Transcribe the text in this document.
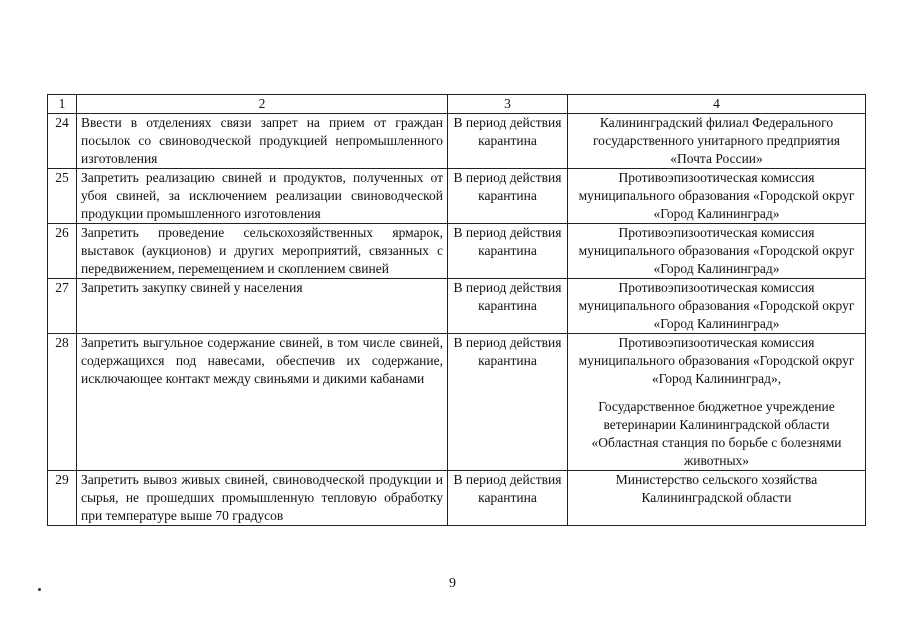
1	2	3	4
24	Ввести в отделениях связи запрет на прием от граждан посылок со свиноводческой продукцией непромышленного изготовления	В период действия карантина	Калининградский филиал Федерального государственного унитарного предприятия «Почта России»

25	Запретить реализацию свиней и продуктов, полученных от убоя свиней, за исключением реализации свиноводческой продукции промышленного изготовления	В период действия карантина	Противоэпизоотическая комиссия муниципального образования «Городской округ «Город Калининград»

26	Запретить проведение сельскохозяйственных ярмарок, выставок (аукционов) и других мероприятий, связанных с передвижением, перемещением и скоплением свиней	В период действия карантина	Противоэпизоотическая комиссия муниципального образования «Городской округ «Город Калининград»

27	Запретить закупку свиней у населения	В период действия карантина	Противоэпизоотическая комиссия муниципального образования «Городской округ «Город Калининград»

28	Запретить выгульное содержание свиней, в том числе свиней, содержащихся под навесами, обеспечив их содержание, исключающее контакт между свиньями и дикими кабанами	В период действия карантина	Противоэпизоотическая комиссия муниципального образования «Городской округ «Город Калининград»,
Государственное бюджетное учреждение ветеринарии Калининградской области «Областная станция по борьбе с болезнями животных»

29	Запретить вывоз живых свиней, свиноводческой продукции и сырья, не прошедших промышленную тепловую обработку при температуре выше 70 градусов	В период действия карантина	Министерство сельского хозяйства Калининградской области
9
